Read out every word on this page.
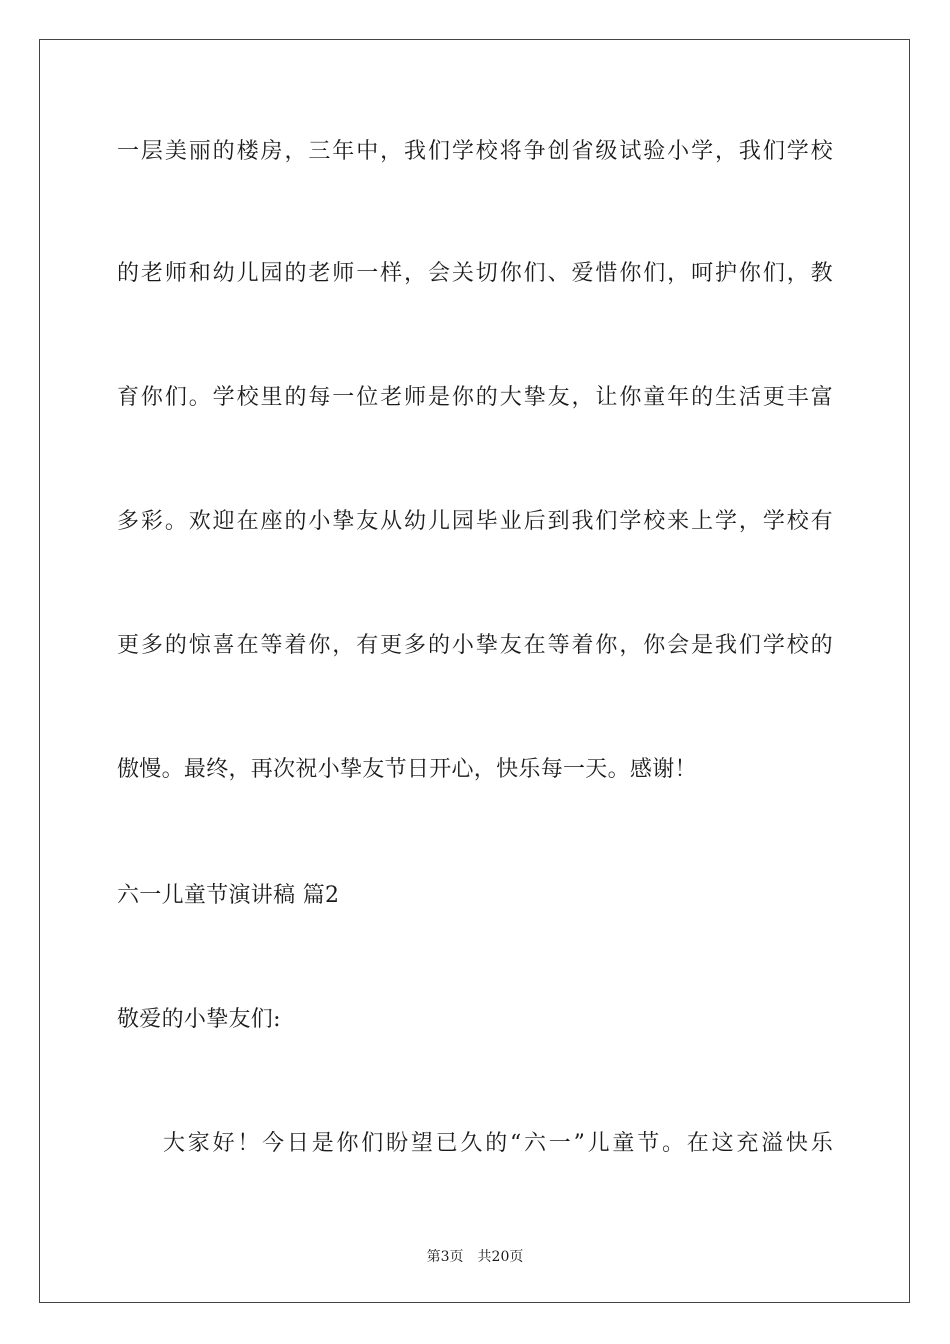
一层美丽的楼房，三年中，我们学校将争创省级试验小学，我们学校
的老师和幼儿园的老师一样，会关切你们、爱惜你们，呵护你们，教
育你们。学校里的每一位老师是你的大挚友，让你童年的生活更丰富
多彩。欢迎在座的小挚友从幼儿园毕业后到我们学校来上学，学校有
更多的惊喜在等着你，有更多的小挚友在等着你，你会是我们学校的
傲慢。最终，再次祝小挚友节日开心，快乐每一天。感谢！
六一儿童节演讲稿 篇2
敬爱的小挚友们:
大家好！今日是你们盼望已久的“六一”儿童节。在这充溢快乐
第3页 共20页
